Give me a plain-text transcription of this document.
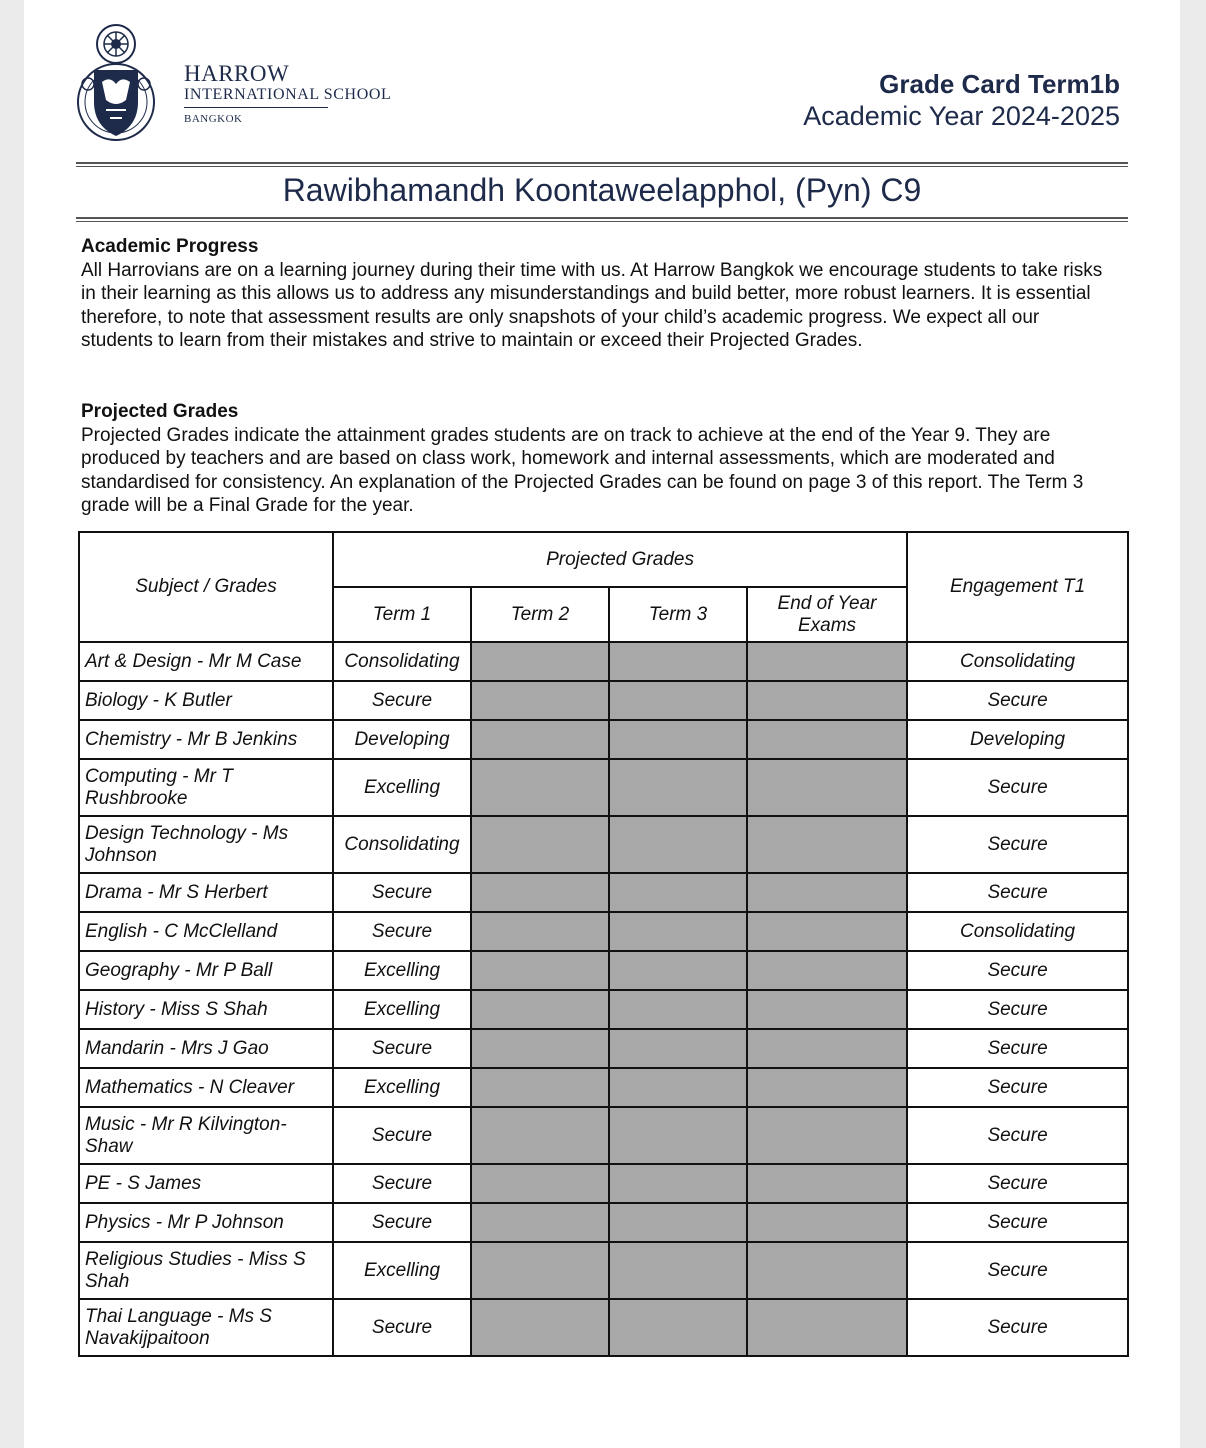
HARROW
INTERNATIONAL SCHOOL
BANGKOK
Grade Card Term1b
Academic Year 2024-2025
Rawibhamandh Koontaweelapphol, (Pyn) C9
Academic Progress
All Harrovians are on a learning journey during their time with us. At Harrow Bangkok we encourage students to take risks in their learning as this allows us to address any misunderstandings and build better, more robust learners. It is essential therefore, to note that assessment results are only snapshots of your child’s academic progress. We expect all our students to learn from their mistakes and strive to maintain or exceed their Projected Grades.
Projected Grades
Projected Grades indicate the attainment grades students are on track to achieve at the end of the Year 9. They are produced by teachers and are based on class work, homework and internal assessments, which are moderated and standardised for consistency. An explanation of the Projected Grades can be found on page 3 of this report. The Term 3 grade will be a Final Grade for the year.
Subject / Grades	Projected Grades				Engagement T1
	Term 1	Term 2	Term 3	End of Year Exams	
Art & Design - Mr M Case	Consolidating				Consolidating
Biology - K Butler	Secure				Secure
Chemistry - Mr B Jenkins	Developing				Developing
Computing - Mr T Rushbrooke	Excelling				Secure
Design Technology - Ms Johnson	Consolidating				Secure
Drama - Mr S Herbert	Secure				Secure
English - C McClelland	Secure				Consolidating
Geography - Mr P Ball	Excelling				Secure
History - Miss S Shah	Excelling				Secure
Mandarin - Mrs J Gao	Secure				Secure
Mathematics - N Cleaver	Excelling				Secure
Music - Mr R Kilvington-Shaw	Secure				Secure
PE - S James	Secure				Secure
Physics - Mr P Johnson	Secure				Secure
Religious Studies - Miss S Shah	Excelling				Secure
Thai Language - Ms S Navakijpaitoon	Secure				Secure
